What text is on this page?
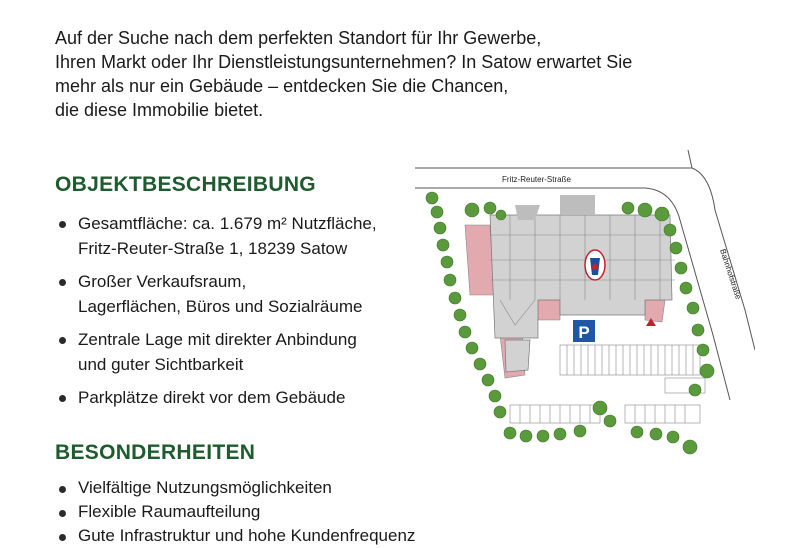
Auf der Suche nach dem perfekten Standort für Ihr Gewerbe,
Ihren Markt oder Ihr Dienstleistungsunternehmen? In Satow erwartet Sie
mehr als nur ein Gebäude – entdecken Sie die Chancen,
die diese Immobilie bietet.
OBJEKTBESCHREIBUNG
Gesamtfläche: ca. 1.679 m² Nutzfläche,
Fritz-Reuter-Straße 1, 18239 Satow
Großer Verkaufsraum,
Lagerflächen, Büros und Sozialräume
Zentrale Lage mit direkter Anbindung
und guter Sichtbarkeit
Parkplätze direkt vor dem Gebäude
BESONDERHEITEN
Vielfältige Nutzungsmöglichkeiten
Flexible Raumaufteilung
Gute Infrastruktur und hohe Kundenfrequenz
Fritz-Reuter-Straße
Bahnhofstraße
P
